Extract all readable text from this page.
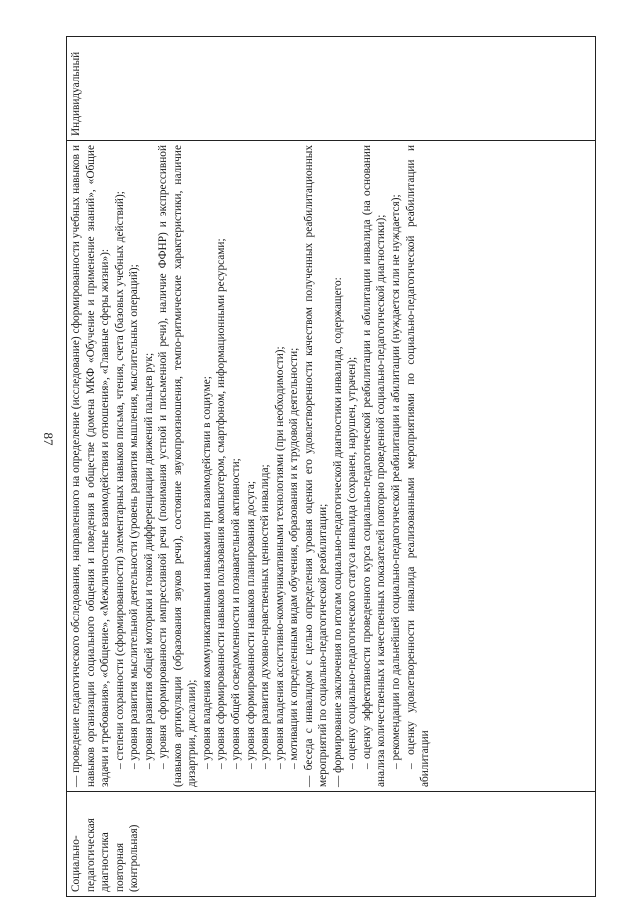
87

Социально-педагогическая диагностика повторная (контрольная)

— проведение педагогического обследования, направленного на определение (исследование) сформированности учебных навыков и навыков организации социального общения и поведения в обществе (домена МКФ «Обучение и применение знаний», «Общие задачи и требования», «Общение», «Межличностные взаимодействия и отношения», «Главные сферы жизни»): – степени сохранности (сформированности) элементарных навыков письма, чтения, счета (базовых учебных действий); – уровня развития мыслительной деятельности (уровень развития мышления, мыслительных операций); – уровня развития общей моторики и тонкой дифференциации движений пальцев рук; – уровня сформированности импрессивной речи (понимания устной и письменной речи), наличие ФФНР) и экспрессивной (навыков артикуляции (образования звуков речи), состояние звукопроизношения, темпо-ритмические характеристики, наличие дизартрии, дислалии); – уровня владения коммуникативными навыками при взаимодействии в социуме; – уровня сформированности навыков пользования компьютером, смартфоном, информационными ресурсами; – уровня общей осведомленности и познавательной активности; – уровня сформированности навыков планирования досуга; – уровня развития духовно-нравственных ценностей инвалида; – уровня владения ассистивно-коммуникативными технологиями (при необходимости); – мотивации к определенным видам обучения, образования и к трудовой деятельности; — беседа с инвалидом с целью определения уровня оценки его удовлетворенности качеством полученных реабилитационных мероприятий по социально-педагогической реабилитации; — формирование заключения по итогам социально-педагогической диагностики инвалида, содержащего: – оценку социально-педагогического статуса инвалида (сохранен, нарушен, утрачен); – оценку эффективности проведенного курса социально-педагогической реабилитации и абилитации инвалида (на основании анализа количественных и качественных показателей повторно проведенной социально-педагогической диагностики); – рекомендации по дальнейшей социально-педагогической реабилитации и абилитации (нуждается или не нуждается); – оценку удовлетворенности инвалида реализованными мероприятиями по социально-педагогической реабилитации и абилитации

Индивидуальный
